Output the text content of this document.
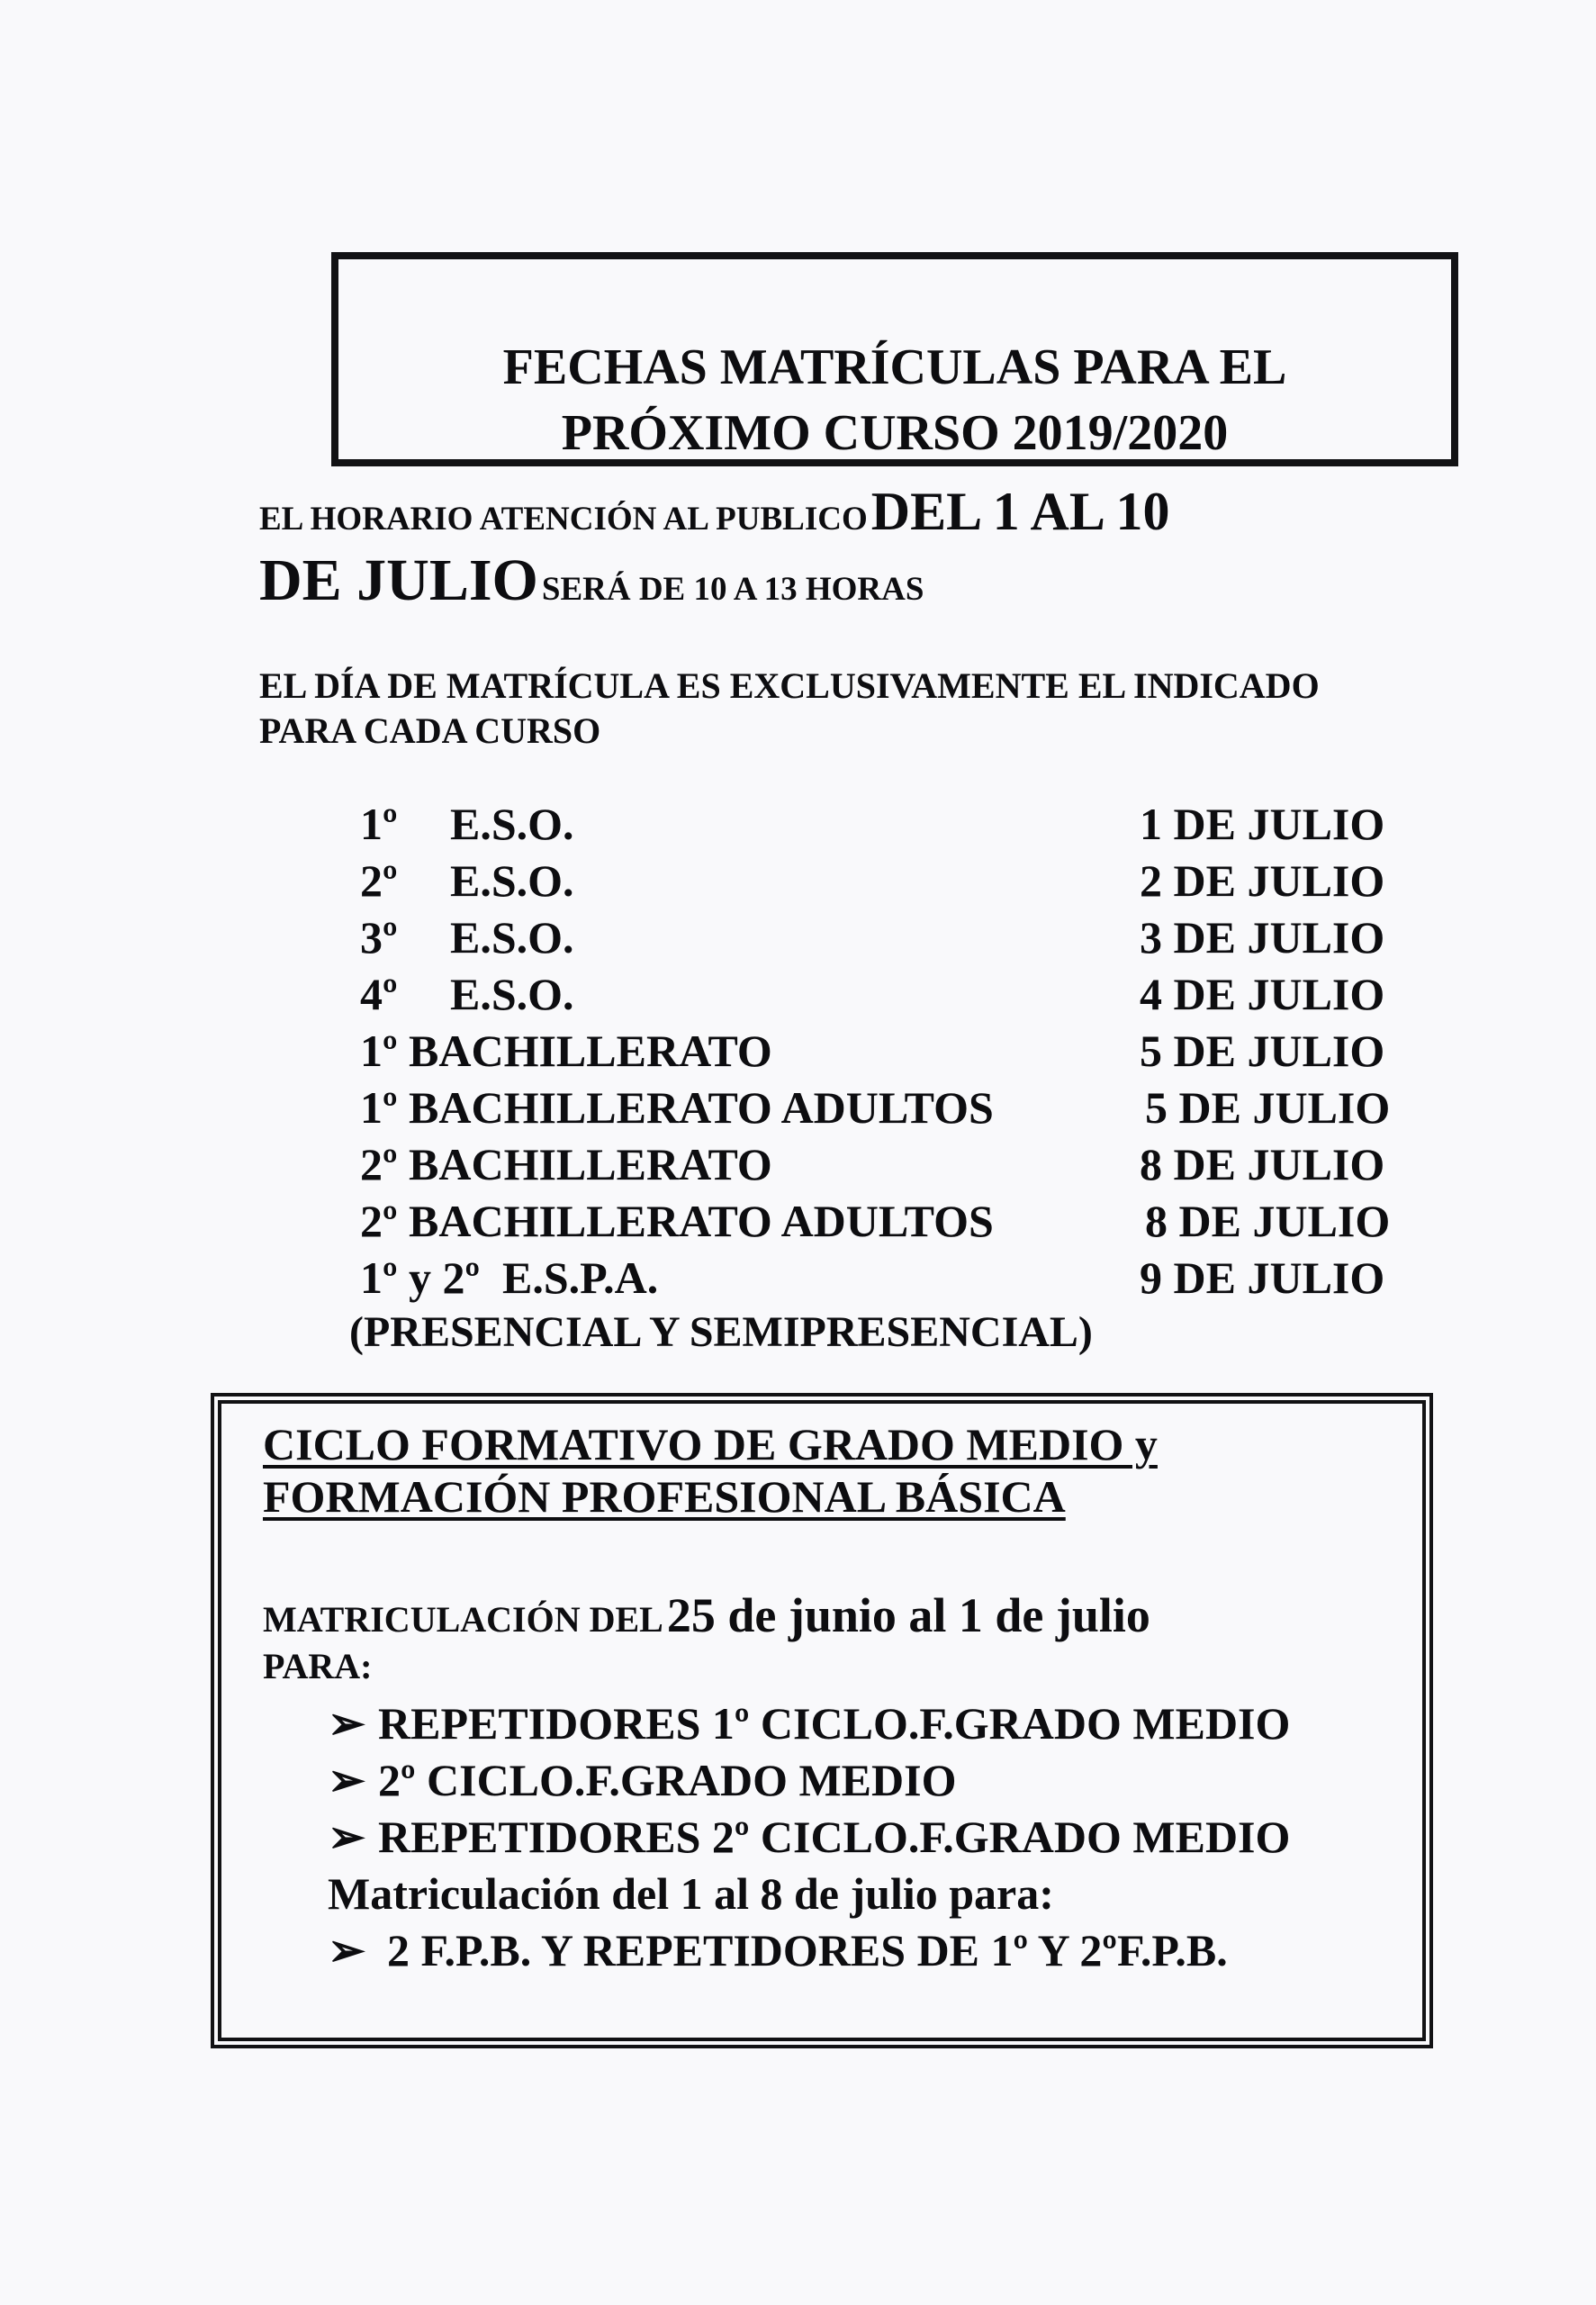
FECHAS MATRÍCULAS PARA EL
PRÓXIMO CURSO 2019/2020
EL HORARIO ATENCIÓN AL PUBLICO DEL 1 AL 10
DE JULIO SERÁ DE 10 A 13 HORAS
EL DÍA DE MATRÍCULA ES EXCLUSIVAMENTE EL INDICADO
PARA CADA CURSO
1º E.S.O.	1 DE JULIO
2º E.S.O.	2 DE JULIO
3º E.S.O.	3 DE JULIO
4º E.S.O.	4 DE JULIO
1º BACHILLERATO	5 DE JULIO
1º BACHILLERATO ADULTOS	5 DE JULIO
2º BACHILLERATO	8 DE JULIO
2º BACHILLERATO ADULTOS	8 DE JULIO
1º y 2º E.S.P.A.	9 DE JULIO
(PRESENCIAL Y SEMIPRESENCIAL)
CICLO FORMATIVO DE GRADO MEDIO y
FORMACIÓN PROFESIONAL BÁSICA
MATRICULACIÓN DEL 25 de junio al 1 de julio
PARA:
➢ REPETIDORES 1º CICLO.F.GRADO MEDIO
➢ 2º CICLO.F.GRADO MEDIO
➢ REPETIDORES 2º CICLO.F.GRADO MEDIO
Matriculación del 1 al 8 de julio para:
➢ 2 F.P.B. Y REPETIDORES DE 1º Y 2ºF.P.B.
